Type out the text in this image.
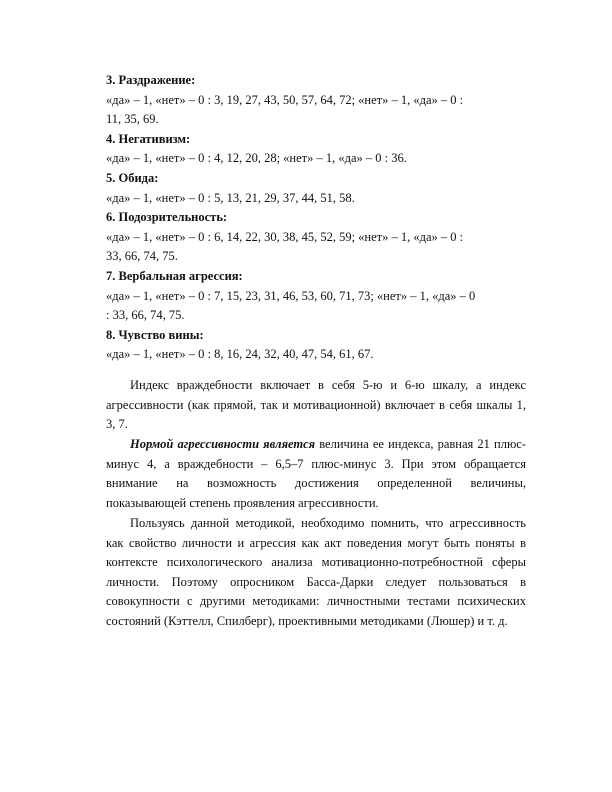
3. Раздражение:

«да» – 1, «нет» – 0 : 3, 19, 27, 43, 50, 57, 64, 72; «нет» – 1, «да» – 0 :

11, 35, 69.

4. Негативизм:

«да» – 1, «нет» – 0 : 4, 12, 20, 28; «нет» – 1, «да» – 0 : 36.

5. Обида:

«да» – 1, «нет» – 0 : 5, 13, 21, 29, 37, 44, 51, 58.

6. Подозрительность:

«да» – 1, «нет» – 0 : 6, 14, 22, 30, 38, 45, 52, 59; «нет» – 1, «да» – 0 :

33, 66, 74, 75.

7. Вербальная агрессия:

«да» – 1, «нет» – 0 : 7, 15, 23, 31, 46, 53, 60, 71, 73; «нет» – 1, «да» – 0

: 33, 66, 74, 75.

8. Чувство вины:

«да» – 1, «нет» – 0 : 8, 16, 24, 32, 40, 47, 54, 61, 67.

Индекс враждебности включает в себя 5-ю и 6-ю шкалу, а индекс агрессивности (как прямой, так и мотивационной) включает в себя шкалы 1, 3, 7.

Нормой агрессивности является величина ее индекса, равная 21 плюс-минус 4, а враждебности – 6,5–7 плюс-минус 3. При этом обращается внимание на возможность достижения определенной величины, показывающей степень проявления агрессивности.

Пользуясь данной методикой, необходимо помнить, что агрессивность как свойство личности и агрессия как акт поведения могут быть поняты в контексте психологического анализа мотивационно-потребностной сферы личности. Поэтому опросником Басса-Дарки следует пользоваться в совокупности с другими методиками: личностными тестами психических состояний (Кэттелл, Спилберг), проективными методиками (Люшер) и т. д.
